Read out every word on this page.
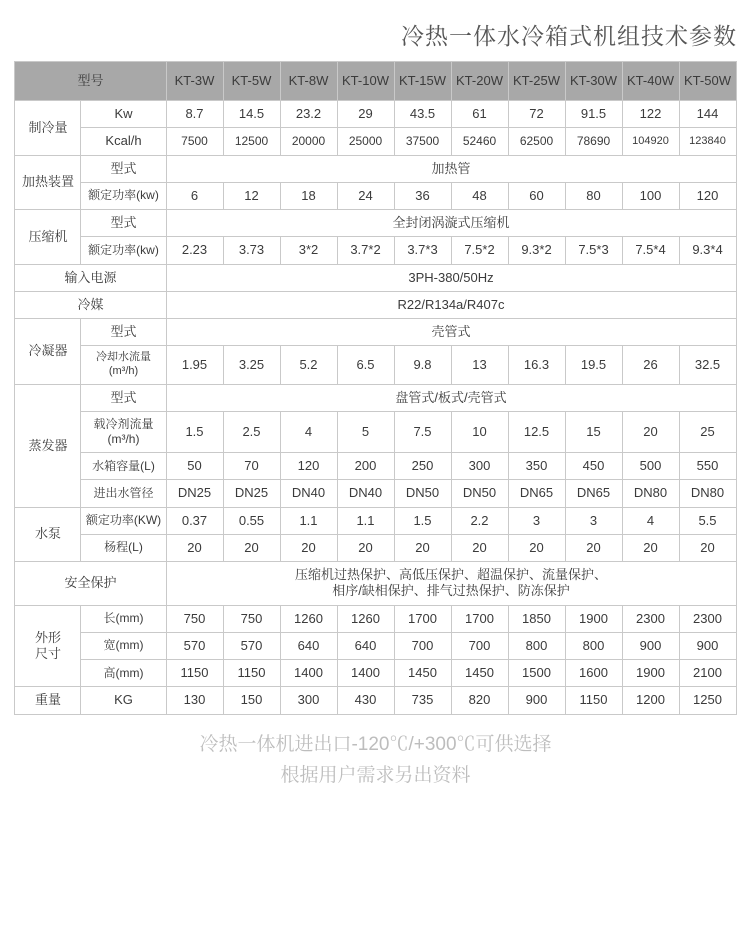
冷热一体水冷箱式机组技术参数
型号		KT-3W	KT-5W	KT-8W	KT-10W	KT-15W	KT-20W	KT-25W	KT-30W	KT-40W	KT-50W
制冷量	Kw	8.7	14.5	23.2	29	43.5	61	72	91.5	122	144
	Kcal/h	7500	12500	20000	25000	37500	52460	62500	78690	104920	123840
加热装置	型式	加热管									
	额定功率(kw)	6	12	18	24	36	48	60	80	100	120
压缩机	型式	全封闭涡漩式压缩机									
	额定功率(kw)	2.23	3.73	3*2	3.7*2	3.7*3	7.5*2	9.3*2	7.5*3	7.5*4	9.3*4
输入电源		3PH-380/50Hz									
冷媒		R22/R134a/R407c									
冷凝器	型式	壳管式									
	冷却水流量(m³/h)	1.95	3.25	5.2	6.5	9.8	13	16.3	19.5	26	32.5
蒸发器	型式	盘管式/板式/壳管式									

	载冷剂流量
(m³/h)	1.5	2.5	4	5	7.5	10	12.5	15	20	25
	水箱容量(L)	50	70	120	200	250	300	350	450	500	550
	进出水管径	DN25	DN25	DN40	DN40	DN50	DN50	DN65	DN65	DN80	DN80
水泵	额定功率(KW)	0.37	0.55	1.1	1.1	1.5	2.2	3	3	4	5.5
	杨程(L)	20	20	20	20	20	20	20	20	20	20
安全保护		压缩机过热保护、高低压保护、超温保护、流量保护、
相序/缺相保护、排气过热保护、防冻保护									

外形
尺寸	长(mm)	750	750	1260	1260	1700	1700	1850	1900	2300	2300
	宽(mm)	570	570	640	640	700	700	800	800	900	900
	高(mm)	1150	1150	1400	1400	1450	1450	1500	1600	1900	2100
重量	KG	130	150	300	430	735	820	900	1150	1200	1250
冷热一体机进出口-120℃/+300℃可供选择
根据用户需求另出资料
